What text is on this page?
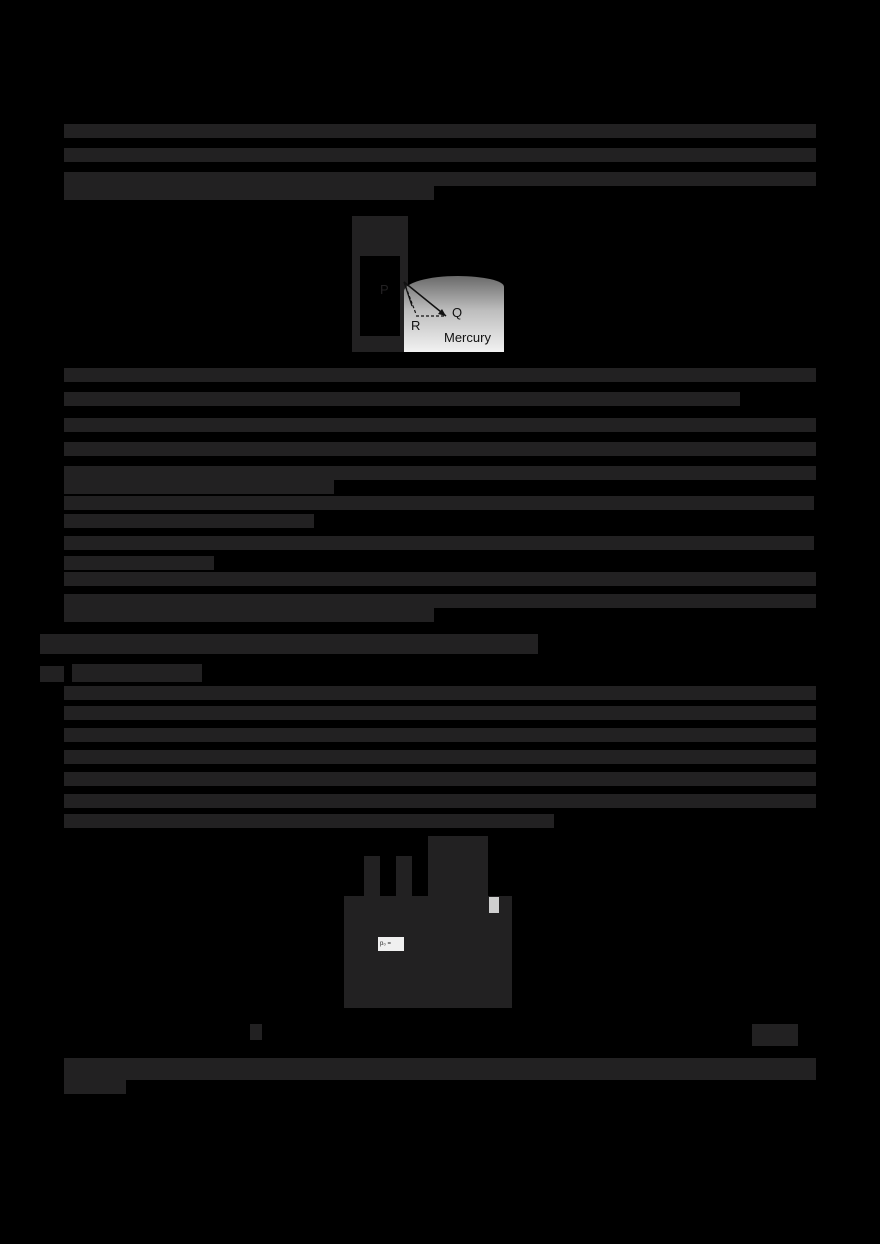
P
Q
R
Mercury
p₀ = 2T/L
